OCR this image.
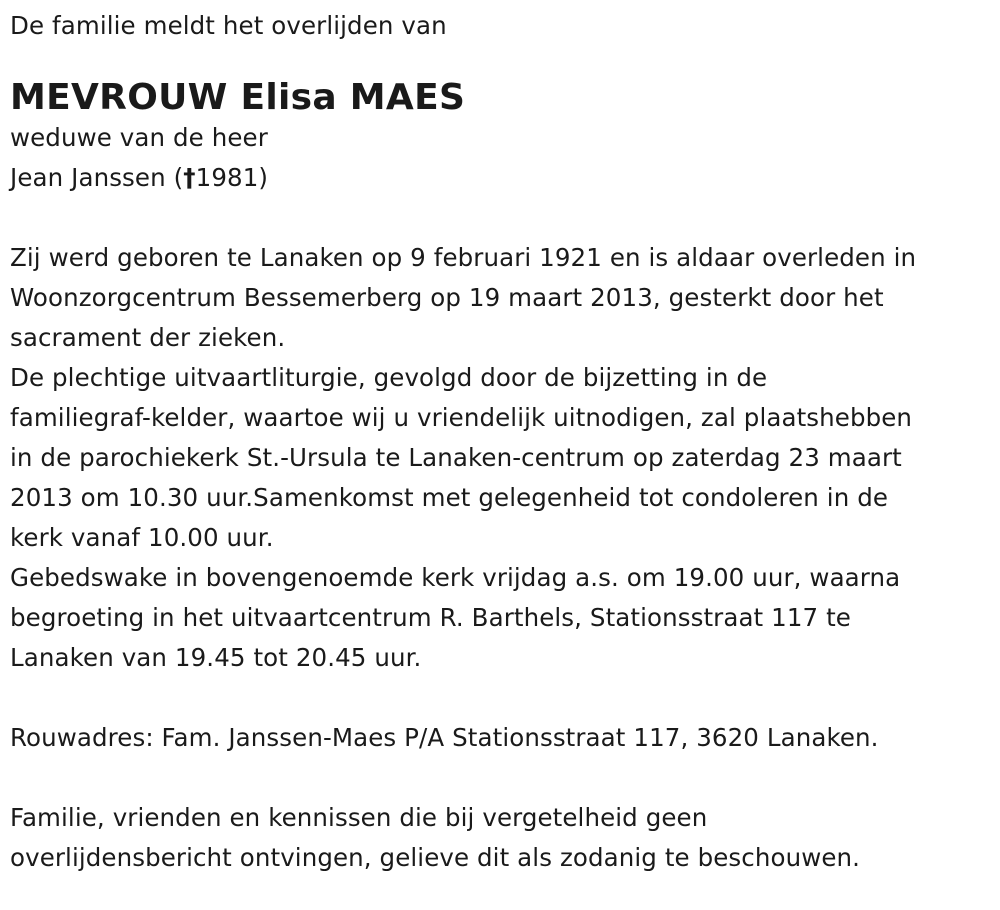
De familie meldt het overlijden van
MEVROUW Elisa MAES
weduwe van de heer
Jean Janssen (†1981)
Zij werd geboren te Lanaken op 9 februari 1921 en is aldaar overleden in
Woonzorgcentrum Bessemerberg op 19 maart 2013, gesterkt door het
sacrament der zieken.
De plechtige uitvaartliturgie, gevolgd door de bijzetting in de
familiegraf-kelder, waartoe wij u vriendelijk uitnodigen, zal plaatshebben
in de parochiekerk St.-Ursula te Lanaken-centrum op zaterdag 23 maart
2013 om 10.30 uur.Samenkomst met gelegenheid tot condoleren in de
kerk vanaf 10.00 uur.
Gebedswake in bovengenoemde kerk vrijdag a.s. om 19.00 uur, waarna
begroeting in het uitvaartcentrum R. Barthels, Stationsstraat 117 te
Lanaken van 19.45 tot 20.45 uur.
Rouwadres: Fam. Janssen-Maes P/A Stationsstraat 117, 3620 Lanaken.
Familie, vrienden en kennissen die bij vergetelheid geen
overlijdensbericht ontvingen, gelieve dit als zodanig te beschouwen.
